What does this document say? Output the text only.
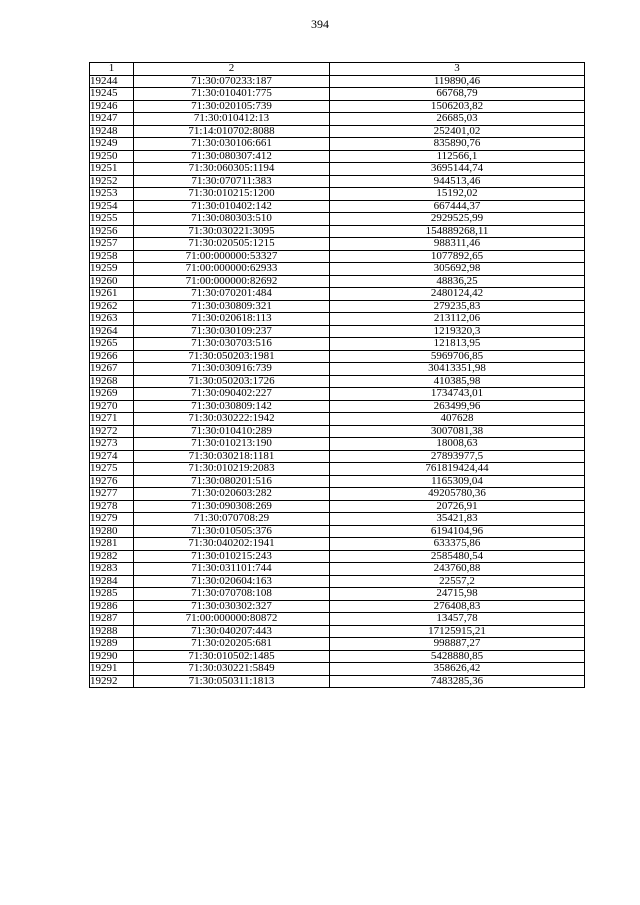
394
1	2	3
19244	71:30:070233:187	119890,46
19245	71:30:010401:775	66768,79
19246	71:30:020105:739	1506203,82
19247	71:30:010412:13	26685,03
19248	71:14:010702:8088	252401,02
19249	71:30:030106:661	835890,76
19250	71:30:080307:412	112566,1
19251	71:30:060305:1194	3695144,74
19252	71:30:070711:383	944513,46
19253	71:30:010215:1200	15192,02
19254	71:30:010402:142	667444,37
19255	71:30:080303:510	2929525,99
19256	71:30:030221:3095	154889268,11
19257	71:30:020505:1215	988311,46
19258	71:00:000000:53327	1077892,65
19259	71:00:000000:62933	305692,98
19260	71:00:000000:82692	48836,25
19261	71:30:070201:484	2480124,42
19262	71:30:030809:321	279235,83
19263	71:30:020618:113	213112,06
19264	71:30:030109:237	1219320,3
19265	71:30:030703:516	121813,95
19266	71:30:050203:1981	5969706,85
19267	71:30:030916:739	30413351,98
19268	71:30:050203:1726	410385,98
19269	71:30:090402:227	1734743,01
19270	71:30:030809:142	263499,96
19271	71:30:030222:1942	407628
19272	71:30:010410:289	3007081,38
19273	71:30:010213:190	18008,63
19274	71:30:030218:1181	27893977,5
19275	71:30:010219:2083	761819424,44
19276	71:30:080201:516	1165309,04
19277	71:30:020603:282	49205780,36
19278	71:30:090308:269	20726,91
19279	71:30:070708:29	35421,83
19280	71:30:010505:376	6194104,96
19281	71:30:040202:1941	633375,86
19282	71:30:010215:243	2585480,54
19283	71:30:031101:744	243760,88
19284	71:30:020604:163	22557,2
19285	71:30:070708:108	24715,98
19286	71:30:030302:327	276408,83
19287	71:00:000000:80872	13457,78
19288	71:30:040207:443	17125915,21
19289	71:30:020205:681	998887,27
19290	71:30:010502:1485	5428880,85
19291	71:30:030221:5849	358626,42
19292	71:30:050311:1813	7483285,36
